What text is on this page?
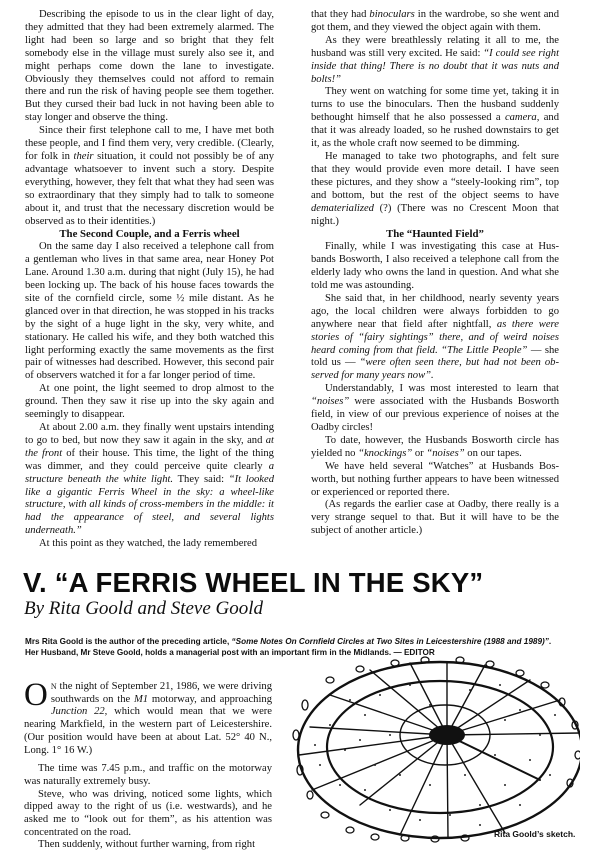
Describing the episode to us in the clear light of day, they admitted that they had been extremely alarmed. The light had been so large and so bright that they felt somebody else in the village must surely also see it, and might perhaps come down the lane to investigate. Obviously they themselves could not afford to remain there and run the risk of having people see them together. But they cursed their bad luck in not having been able to stay longer and observe the thing.

Since their first telephone call to me, I have met both these people, and I find them very, very credible. (Clearly, for folk in their situation, it could not possibly be of any advantage whatsoever to invent such a story. Despite everything, however, they felt that what they had seen was so extraordinary that they simply had to talk to someone about it, and trust that the necessary discretion would be observed as to their identities.)

The Second Couple, and a Ferris wheel

On the same day I also received a telephone call from a gentleman who lives in that same area, near Honey Pot Lane. Around 1.30 a.m. during that night (July 15), he had been locking up. The back of his house faces towards the site of the cornfield circle, some ½ mile distant. As he glanced over in that direction, he was stopped in his tracks by the sight of a huge light in the sky, very white, and stationary. He called his wife, and they both watched this light performing exactly the same movements as the first pair of witnesses had described. However, this second pair of observers watched it for a far longer period of time.

At one point, the light seemed to drop almost to the ground. Then they saw it rise up into the sky again and seemingly to disappear.

At about 2.00 a.m. they finally went upstairs intending to go to bed, but now they saw it again in the sky, and at the front of their house. This time, the light of the thing was dimmer, and they could perceive quite clearly a structure beneath the white light. They said: “It looked like a gigantic Ferris Wheel in the sky: a wheel-like structure, with all kinds of cross-members in the middle: it had the appearance of steel, and several lights underneath.”

At this point as they watched, the lady remembered

that they had binoculars in the wardrobe, so she went and got them, and they viewed the object again with them.

As they were breathlessly relating it all to me, the husband was still very excited. He said: “I could see right inside that thing! There is no doubt that it was nuts and bolts!”

They went on watching for some time yet, taking it in turns to use the binoculars. Then the husband suddenly bethought himself that he also possessed a camera, and that it was already loaded, so he rushed downstairs to get it, as the whole craft now seemed to be dimming.

He managed to take two photographs, and felt sure that they would provide even more detail. I have seen these pictures, and they show a “steely-looking rim”, top and bottom, but the rest of the object seems to have dematerialized (?) (There was no Crescent Moon that night.)

The “Haunted Field”

Finally, while I was investigating this case at Husbands Bosworth, I also received a telephone call from the elderly lady who owns the land in question. And what she told me was astounding.

She said that, in her childhood, nearly seventy years ago, the local children were always forbidden to go anywhere near that field after nightfall, as there were stories of “fairy sightings” there, and of weird noises heard coming from that field. “The Little People” — she told us — “were often seen there, but had not been observed for many years now”.

Understandably, I was most interested to learn that “noises” were associated with the Husbands Bosworth field, in view of our previous experience of noises at the Oadby circles!

To date, however, the Husbands Bosworth circle has yielded no “knockings” or “noises” on our tapes.

We have held several “Watches” at Husbands Bosworth, but nothing further appears to have been witnessed or experienced or reported there.

(As regards the earlier case at Oadby, there really is a very strange sequel to that. But it will have to be the subject of another article.)

V. “A FERRIS WHEEL IN THE SKY”
By Rita Goold and Steve Goold
Mrs Rita Goold is the author of the preceding article, “Some Notes On Cornfield Circles at Two Sites in Leicestershire (1988 and 1989)”. Her Husband, Mr Steve Goold, holds a managerial post with an important firm in the Midlands. — EDITOR

ON the night of September 21, 1986, we were driving southwards on the M1 motorway, and approaching Junction 22, which would mean that we were nearing Markfield, in the western part of Leicestershire. (Our position would have been at about Lat. 52° 40 N., Long. 1° 16 W.)

The time was 7.45 p.m., and traffic on the motorway was naturally extremely busy.

Steve, who was driving, noticed some lights, which dipped away to the right of us (i.e. westwards), and he asked me to “look out for them”, as his attention was concentrated on the road.

Then suddenly, without further warning, from right

Rita Goold’s sketch.
